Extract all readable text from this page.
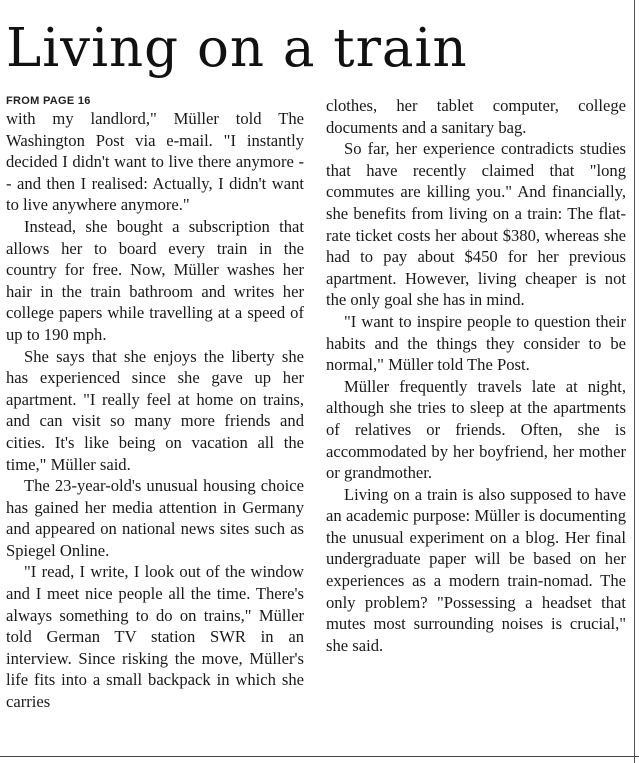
Living on a train
FROM PAGE 16

with my landlord," Müller told The Washington Post via e-mail. "I instantly decided I didn't want to live there anymore -- and then I realised: Actually, I didn't want to live anywhere anymore."

Instead, she bought a subscription that allows her to board every train in the country for free. Now, Müller washes her hair in the train bathroom and writes her college papers while travelling at a speed of up to 190 mph.

She says that she enjoys the liberty she has experienced since she gave up her apartment. "I really feel at home on trains, and can visit so many more friends and cities. It's like being on vacation all the time," Müller said.

The 23-year-old's unusual housing choice has gained her media attention in Germany and appeared on national news sites such as Spiegel Online.

"I read, I write, I look out of the window and I meet nice people all the time. There's always something to do on trains," Müller told German TV station SWR in an interview. Since risking the move, Müller's life fits into a small backpack in which she carries

clothes, her tablet computer, college documents and a sanitary bag.

So far, her experience contradicts studies that have recently claimed that "long commutes are killing you." And financially, she benefits from living on a train: The flat-rate ticket costs her about $380, whereas she had to pay about $450 for her previous apartment. However, living cheaper is not the only goal she has in mind.

"I want to inspire people to question their habits and the things they consider to be normal," Müller told The Post.

Müller frequently travels late at night, although she tries to sleep at the apartments of relatives or friends. Often, she is accommodated by her boyfriend, her mother or grandmother.

Living on a train is also supposed to have an academic purpose: Müller is documenting the unusual experiment on a blog. Her final undergraduate paper will be based on her experiences as a modern train-nomad. The only problem? "Possessing a headset that mutes most surrounding noises is crucial," she said.
